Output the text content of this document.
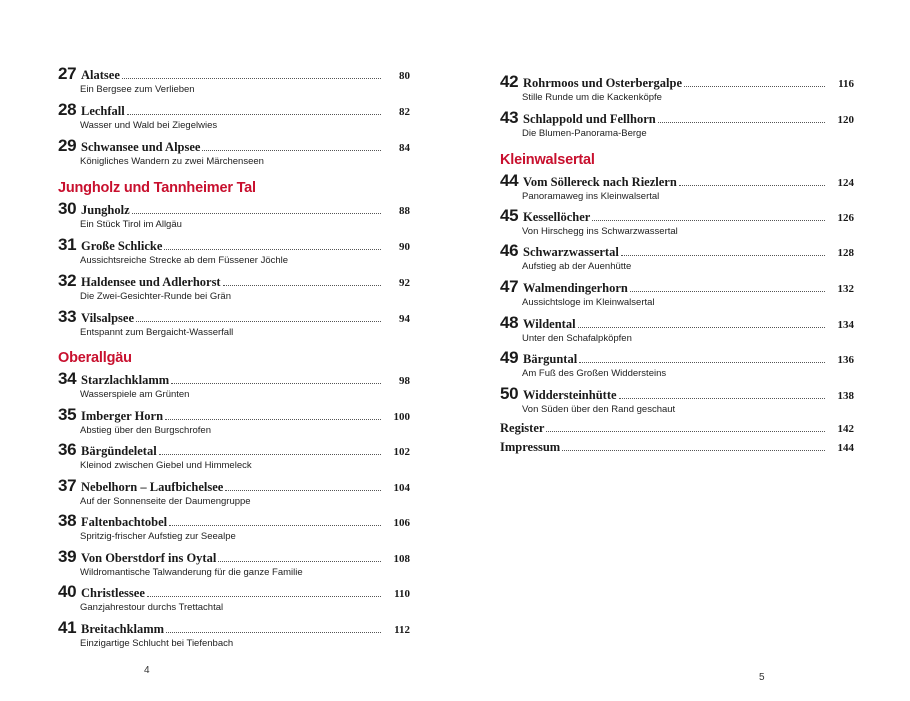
27 Alatsee	80
Ein Bergsee zum Verlieben
28 Lechfall	82
Wasser und Wald bei Ziegelwies
29 Schwansee und Alpsee	84
Königliches Wandern zu zwei Märchenseen
Jungholz und Tannheimer Tal
30 Jungholz	88
Ein Stück Tirol im Allgäu
31 Große Schlicke	90
Aussichtsreiche Strecke ab dem Füssener Jöchle
32 Haldensee und Adlerhorst	92
Die Zwei-Gesichter-Runde bei Grän
33 Vilsalpsee	94
Entspannt zum Bergaicht-Wasserfall
Oberallgäu
34 Starzlachklamm	98
Wasserspiele am Grünten
35 Imberger Horn	100
Abstieg über den Burgschrofen
36 Bärgündeletal	102
Kleinod zwischen Giebel und Himmeleck
37 Nebelhorn – Laufbichelsee	104
Auf der Sonnenseite der Daumengruppe
38 Faltenbachtobel	106
Spritzig-frischer Aufstieg zur Seealpe
39 Von Oberstdorf ins Oytal	108
Wildromantische Talwanderung für die ganze Familie
40 Christlessee	110
Ganzjahrestour durchs Trettachtal
41 Breitachklamm	112
Einzigartige Schlucht bei Tiefenbach
4
42 Rohrmoos und Osterbergalpe	116
Stille Runde um die Kackenköpfe
43 Schlappold und Fellhorn	120
Die Blumen-Panorama-Berge
Kleinwalsertal
44 Vom Söllereck nach Riezlern	124
Panoramaweg ins Kleinwalsertal
45 Kessellöcher	126
Von Hirschegg ins Schwarzwassertal
46 Schwarzwassertal	128
Aufstieg ab der Auenhütte
47 Walmendingerhorn	132
Aussichtsloge im Kleinwalsertal
48 Wildental	134
Unter den Schafalpköpfen
49 Bärguntal	136
Am Fuß des Großen Widdersteins
50 Widdersteinhütte	138
Von Süden über den Rand geschaut
Register	142
Impressum	144
5
